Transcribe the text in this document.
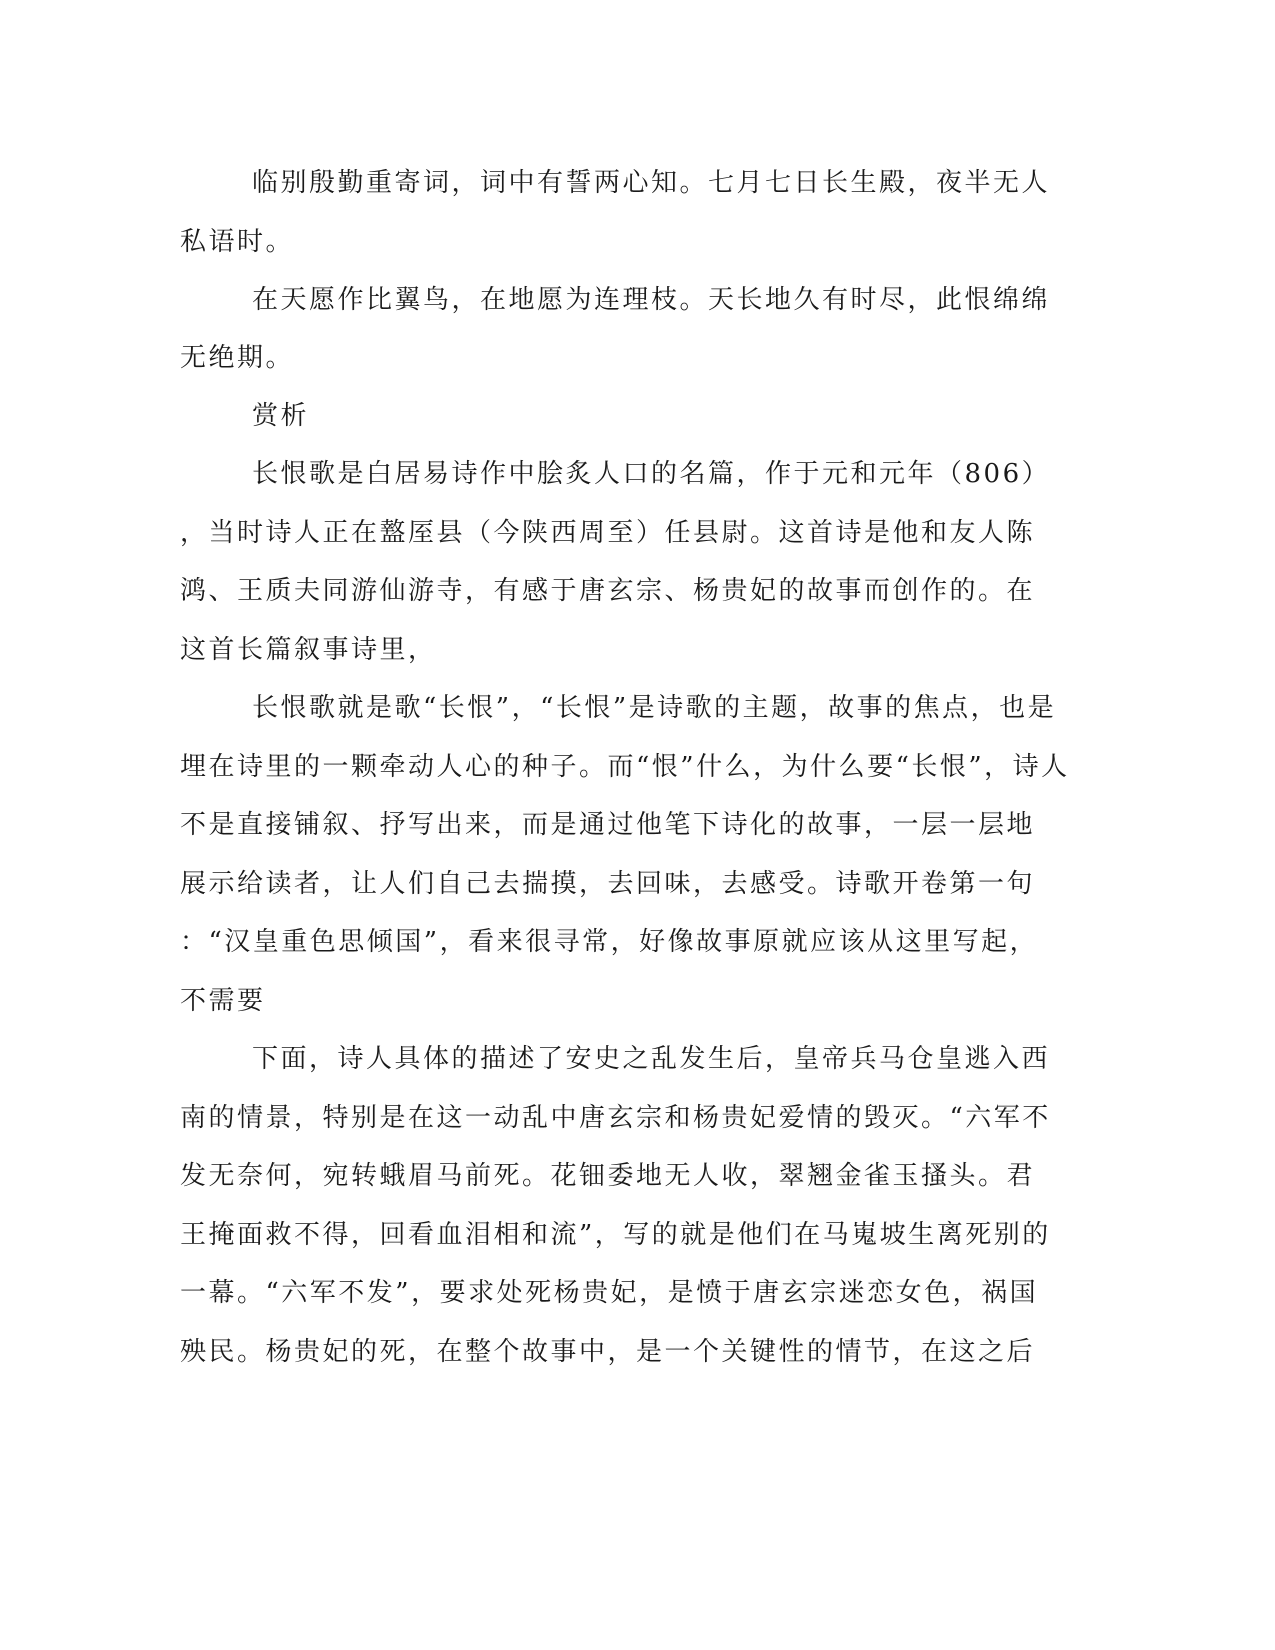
临别殷勤重寄词，词中有誓两心知。七月七日长生殿，夜半无人

私语时。

在天愿作比翼鸟，在地愿为连理枝。天长地久有时尽，此恨绵绵

无绝期。

赏析

长恨歌是白居易诗作中脍炙人口的名篇，作于元和元年（806）

，当时诗人正在盩厔县（今陕西周至）任县尉。这首诗是他和友人陈

鸿、王质夫同游仙游寺，有感于唐玄宗、杨贵妃的故事而创作的。在

这首长篇叙事诗里，

长恨歌就是歌“长恨”，“长恨”是诗歌的主题，故事的焦点，也是

埋在诗里的一颗牵动人心的种子。而“恨”什么，为什么要“长恨”，诗人

不是直接铺叙、抒写出来，而是通过他笔下诗化的故事，一层一层地

展示给读者，让人们自己去揣摸，去回味，去感受。诗歌开卷第一句

：“汉皇重色思倾国”，看来很寻常，好像故事原就应该从这里写起，

不需要

下面，诗人具体的描述了安史之乱发生后，皇帝兵马仓皇逃入西

南的情景，特别是在这一动乱中唐玄宗和杨贵妃爱情的毁灭。“六军不

发无奈何，宛转蛾眉马前死。花钿委地无人收，翠翘金雀玉搔头。君

王掩面救不得，回看血泪相和流”，写的就是他们在马嵬坡生离死别的

一幕。“六军不发”，要求处死杨贵妃，是愤于唐玄宗迷恋女色，祸国

殃民。杨贵妃的死，在整个故事中，是一个关键性的情节，在这之后
